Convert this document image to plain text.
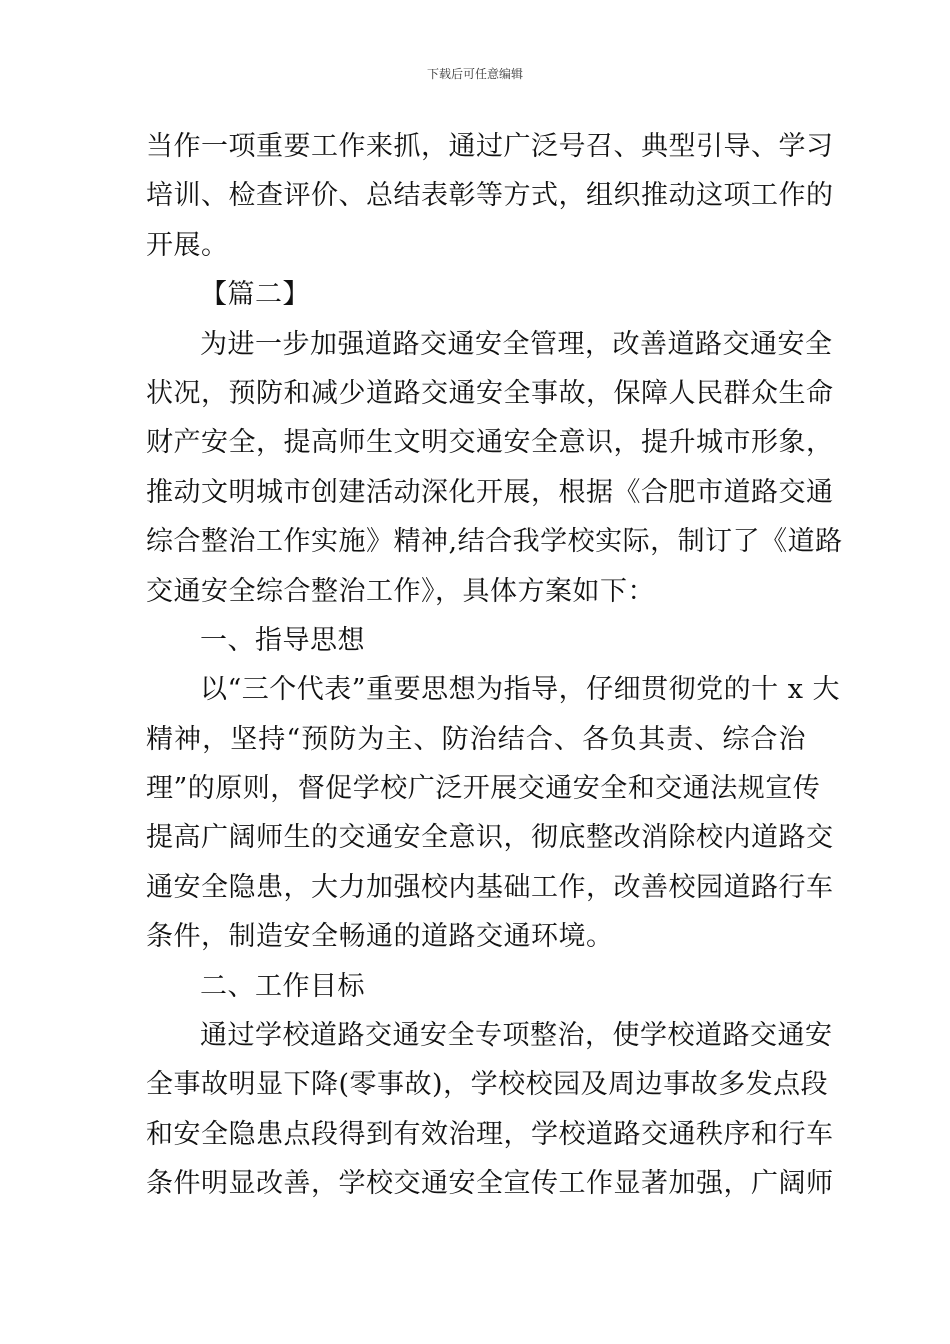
下载后可任意编辑
当作一项重要工作来抓，通过广泛号召、典型引导、学习
培训、检查评价、总结表彰等方式，组织推动这项工作的
开展。
【篇二】
为进一步加强道路交通安全管理，改善道路交通安全
状况，预防和减少道路交通安全事故，保障人民群众生命
财产安全，提高师生文明交通安全意识，提升城市形象，
推动文明城市创建活动深化开展，根据《合肥市道路交通
综合整治工作实施》精神,结合我学校实际，制订了《道路
交通安全综合整治工作》，具体方案如下：
一、指导思想
以“三个代表”重要思想为指导，仔细贯彻党的十 x 大
精神，坚持“预防为主、防治结合、各负其责、综合治
理”的原则，督促学校广泛开展交通安全和交通法规宣传
提高广阔师生的交通安全意识，彻底整改消除校内道路交
通安全隐患，大力加强校内基础工作，改善校园道路行车
条件，制造安全畅通的道路交通环境。
二、工作目标
通过学校道路交通安全专项整治，使学校道路交通安
全事故明显下降(零事故)，学校校园及周边事故多发点段
和安全隐患点段得到有效治理，学校道路交通秩序和行车
条件明显改善，学校交通安全宣传工作显著加强，广阔师
